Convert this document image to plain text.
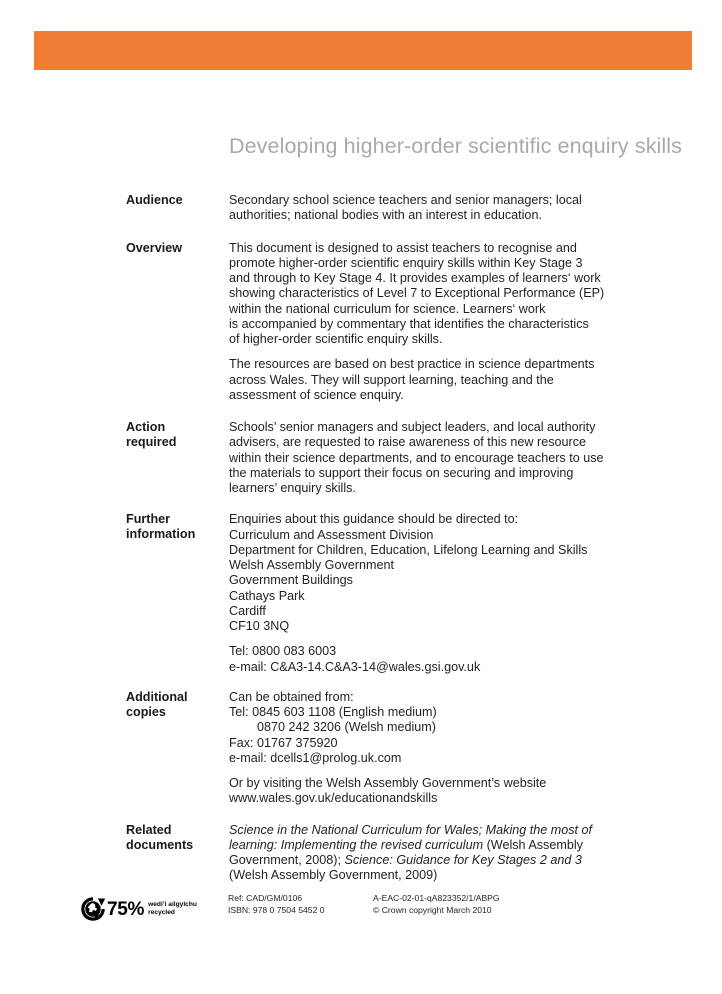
Developing higher-order scientific enquiry skills
Audience	Secondary school science teachers and senior managers; local
authorities; national bodies with an interest in education.

Overview	This document is designed to assist teachers to recognise and
promote higher-order scientific enquiry skills within Key Stage 3
and through to Key Stage 4. It provides examples of learners‘ work
showing characteristics of Level 7 to Exceptional Performance (EP)
within the national curriculum for science. Learners‘ work
is accompanied by commentary that identifies the characteristics
of higher-order scientific enquiry skills.

The resources are based on best practice in science departments
across Wales. They will support learning, teaching and the
assessment of science enquiry.

Action
required

Schools’ senior managers and subject leaders, and local authority
advisers, are requested to raise awareness of this new resource
within their science departments, and to encourage teachers to use
the materials to support their focus on securing and improving
learners’ enquiry skills.

Further
information
Enquiries about this guidance should be directed to:
Curriculum and Assessment Division
Department for Children, Education, Lifelong Learning and Skills
Welsh Assembly Government
Government Buildings
Cathays Park
Cardiff
CF10 3NQ
Tel: 0800 083 6003
e-mail: C&A3-14.C&A3-14@wales.gsi.gov.uk
Additional
copies
Can be obtained from:
Tel: 0845 603 1108 (English medium)
0870 242 3206 (Welsh medium)
Fax: 01767 375920
e-mail: dcells1@prolog.uk.com
Or by visiting the Welsh Assembly Government’s website
www.wales.gov.uk/educationandskills
Related
documents
Science in the National Curriculum for Wales; Making the most of
learning: Implementing the revised curriculum (Welsh Assembly
Government, 2008); Science: Guidance for Key Stages 2 and 3
(Welsh Assembly Government, 2009)
75% wedi’i ailgylchu
recycled
Ref: CAD/GM/0106
ISBN: 978 0 7504 5452 0
A-EAC-02-01-qA823352/1/ABPG
© Crown copyright March 2010
